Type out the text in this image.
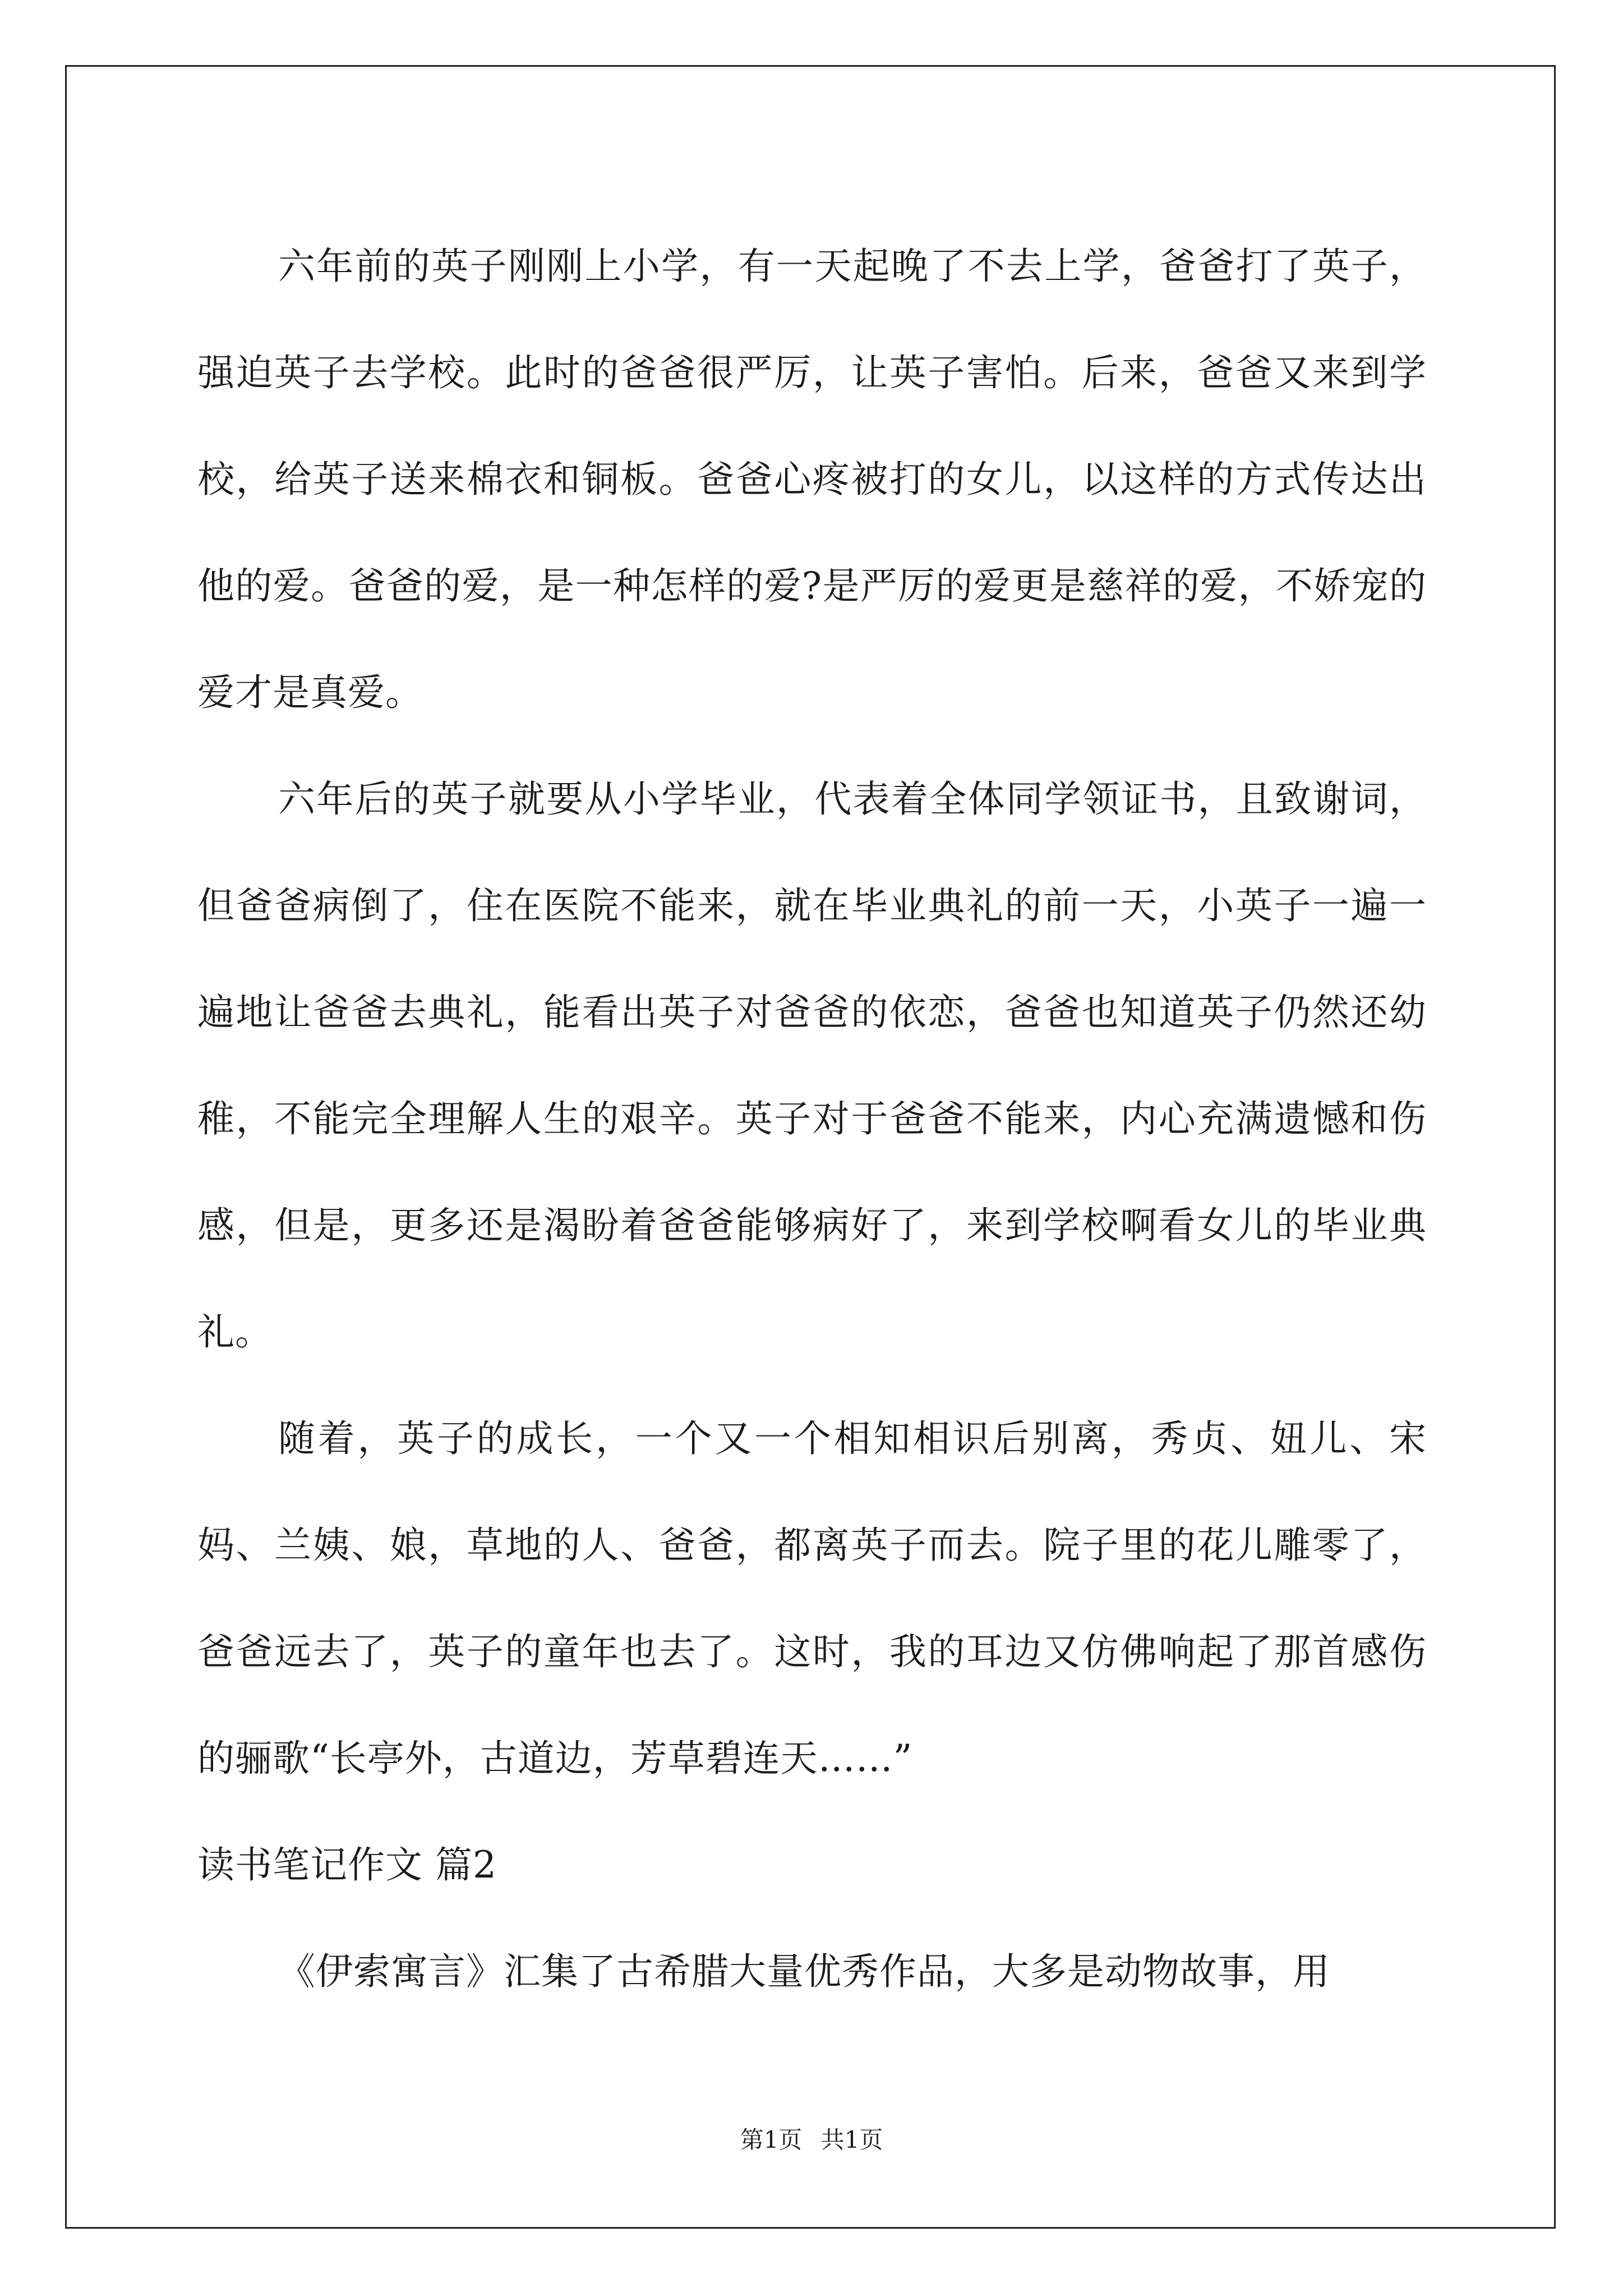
六年前的英子刚刚上小学，有一天起晚了不去上学，爸爸打了英子，强迫英子去学校。此时的爸爸很严厉，让英子害怕。后来，爸爸又来到学校，给英子送来棉衣和铜板。爸爸心疼被打的女儿，以这样的方式传达出他的爱。爸爸的爱，是一种怎样的爱?是严厉的爱更是慈祥的爱，不娇宠的爱才是真爱。

六年后的英子就要从小学毕业，代表着全体同学领证书，且致谢词，但爸爸病倒了，住在医院不能来，就在毕业典礼的前一天，小英子一遍一遍地让爸爸去典礼，能看出英子对爸爸的依恋，爸爸也知道英子仍然还幼稚，不能完全理解人生的艰辛。英子对于爸爸不能来，内心充满遗憾和伤感，但是，更多还是渴盼着爸爸能够病好了，来到学校啊看女儿的毕业典礼。

随着，英子的成长，一个又一个相知相识后别离，秀贞、妞儿、宋妈、兰姨、娘，草地的人、爸爸，都离英子而去。院子里的花儿雕零了，爸爸远去了，英子的童年也去了。这时，我的耳边又仿佛响起了那首感伤的骊歌“长亭外，古道边，芳草碧连天……”

读书笔记作文 篇2

《伊索寓言》汇集了古希腊大量优秀作品，大多是动物故事，用

第1页 共1页
